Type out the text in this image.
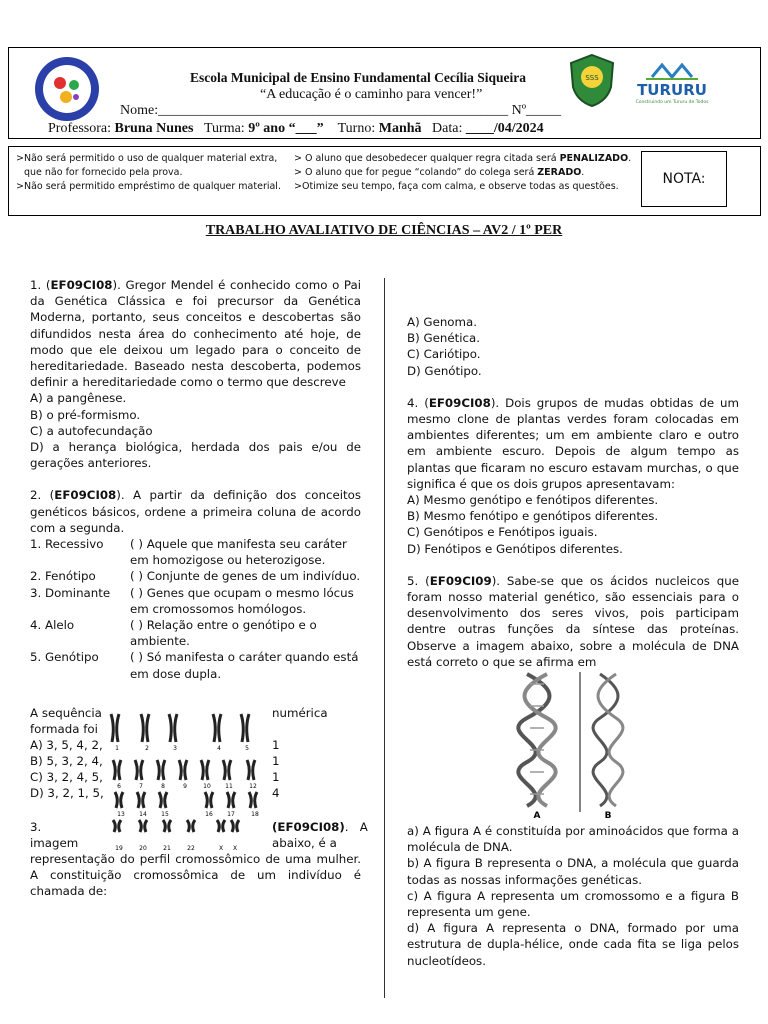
Escola Municipal de Ensino Fundamental Cecília Siqueira
“A educação é o caminho para vencer!”
Nome:__________________________________________________ Nº_____
Professora: Bruna Nunes Turma: 9º ano “___” Turno: Manhã Data: ____/04/2024
SSS
TURURU
Construindo um Tururu de Todos
>Não será permitido o uso de qualquer material extra,
que não for fornecido pela prova.
>Não será permitido empréstimo de qualquer material.
> O aluno que desobedecer qualquer regra citada será PENALIZADO.
> O aluno que for pegue “colando” do colega será ZERADO.
>Otimize seu tempo, faça com calma, e observe todas as questões.	NOTA:
TRABALHO AVALIATIVO DE CIÊNCIAS – AV2 / 1º PER

1. (EF09CI08). Gregor Mendel é conhecido como o Pai da Genética Clássica e foi precursor da Genética Moderna, portanto, seus conceitos e descobertas são difundidos nesta área do conhecimento até hoje, de modo que ele deixou um legado para o conceito de hereditariedade. Baseado nesta descoberta, podemos definir a hereditariedade como o termo que descreve

A) a pangênese.

B) o pré-formismo.

C) a autofecundação

D) a herança biológica, herdada dos pais e/ou de gerações anteriores.

2. (EF09CI08). A partir da definição dos conceitos genéticos básicos, ordene a primeira coluna de acordo com a segunda.

1. Recessivo	( ) Aquele que manifesta seu caráter em homozigose ou heterozigose.
2. Fenótipo	( ) Conjunte de genes de um indivíduo.
3. Dominante	( ) Genes que ocupam o mesmo lócus em cromossomos homólogos.
4. Alelo	( ) Relação entre o genótipo e o ambiente.
5. Genótipo	( ) Só manifesta o caráter quando está em dose dupla.
A sequência	numérica
formada foi
A) 3, 5, 4, 2,
B) 5, 3, 2, 4,
C) 3, 2, 4, 5,
D) 3, 2, 1, 5,
1
1
1
4
3.	(EF09CI08).   A
imagem	abaixo, é a
representação do perfil cromossômico de uma mulher. A constituição cromossômica de um indivíduo é chamada de:
1	2	3	4	5
6	7	8	9	10 11	12
13 14 15	16 17	18
19	20	21	22	X X

A) Genoma.

B) Genética.

C) Cariótipo.

D) Genótipo.

4. (EF09CI08). Dois grupos de mudas obtidas de um mesmo clone de plantas verdes foram colocadas em ambientes diferentes; um em ambiente claro e outro em ambiente escuro. Depois de algum tempo as plantas que ficaram no escuro estavam murchas, o que significa é que os dois grupos apresentavam:

A) Mesmo genótipo e fenótipos diferentes.

B) Mesmo fenótipo e genótipos diferentes.

C) Genótipos e Fenótipos iguais.

D) Fenótipos e Genótipos diferentes.

5. (EF09CI09). Sabe-se que os ácidos nucleicos que foram nosso material genético, são essenciais para o desenvolvimento dos seres vivos, pois participam dentre outras funções da síntese das proteínas. Observe a imagem abaixo, sobre a molécula de DNA está correto o que se afirma em

A	B

a) A figura A é constituída por aminoácidos que forma a molécula de DNA.

b) A figura B representa o DNA, a molécula que guarda todas as nossas informações genéticas.

c) A figura A representa um cromossomo e a figura B representa um gene.

d) A figura A representa o DNA, formado por uma estrutura de dupla-hélice, onde cada fita se liga pelos nucleotídeos.
